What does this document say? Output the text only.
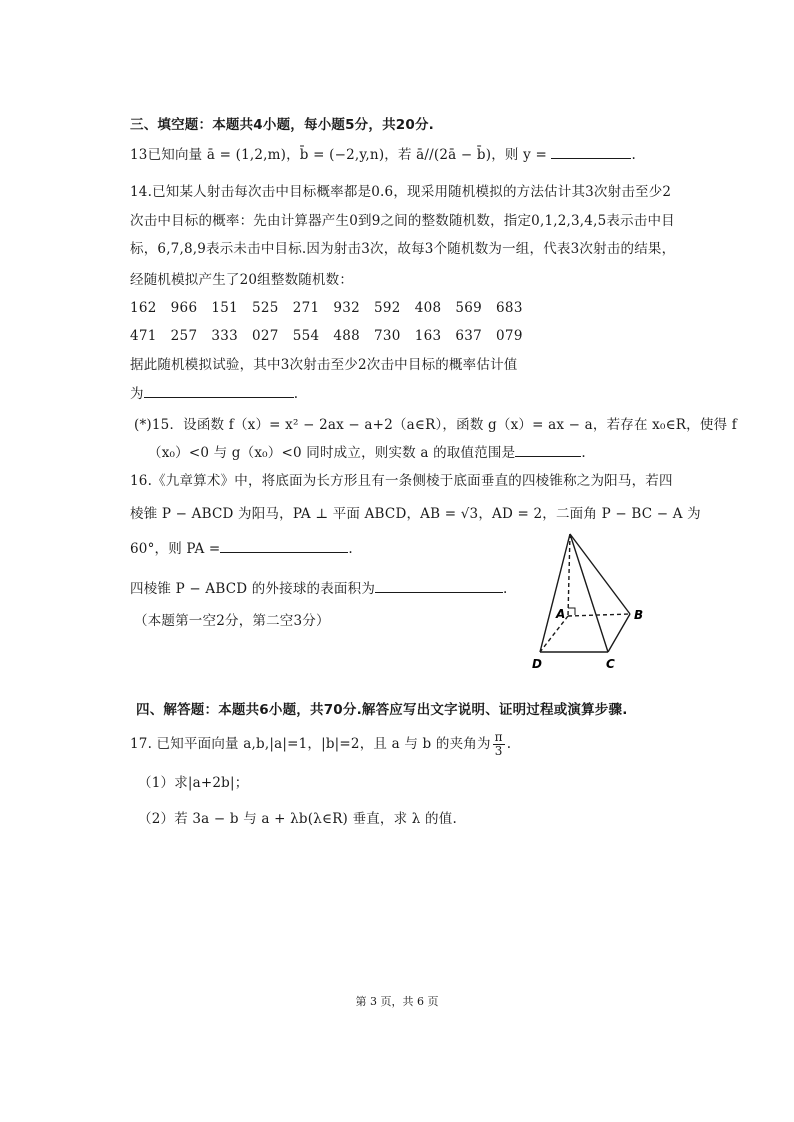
三、填空题：本题共4小题，每小题5分，共20分.
13已知向量 ā = (1,2,m)，b̄ = (−2,y,n)，若 ā//(2ā − b̄)，则 y =	.
14.已知某人射击每次击中目标概率都是0.6，现采用随机模拟的方法估计其3次射击至少2
次击中目标的概率：先由计算器产生0到9之间的整数随机数，指定0,1,2,3,4,5表示击中目
标，6,7,8,9表示未击中目标.因为射击3次，故每3个随机数为一组，代表3次射击的结果，
经随机模拟产生了20组整数随机数：
162 966 151 525 271 932 592 408 569 683
471 257 333 027 554 488 730 163 637 079
据此随机模拟试验，其中3次射击至少2次击中目标的概率估计值
为	.
(*)15．设函数 f（x）= x² − 2ax − a+2（a∈R），函数 g（x）= ax − a，若存在 x₀∈R，使得 f
（x₀）<0 与 g（x₀）<0 同时成立，则实数 a 的取值范围是	.
16.《九章算术》中，将底面为长方形且有一条侧棱于底面垂直的四棱锥称之为阳马，若四
棱锥 P − ABCD 为阳马，PA ⊥ 平面 ABCD，AB = √3，AD = 2，二面角 P − BC − A 为
60°，则 PA =	.
四棱锥 P − ABCD 的外接球的表面积为	.
（本题第一空2分，第二空3分）	A	B
C
D
四、解答题：本题共6小题，共70分.解答应写出文字说明、证明过程或演算步骤.
17. 已知平面向量 a,b,|a|=1，|b|=2，且 a 与 b 的夹角为 $\frac{\pi}{3}$ .
（1）求|a+2b|；
（2）若 3a − b 与 a + λb(λ∈R) 垂直，求 λ 的值.
第 3 页，共 6 页
